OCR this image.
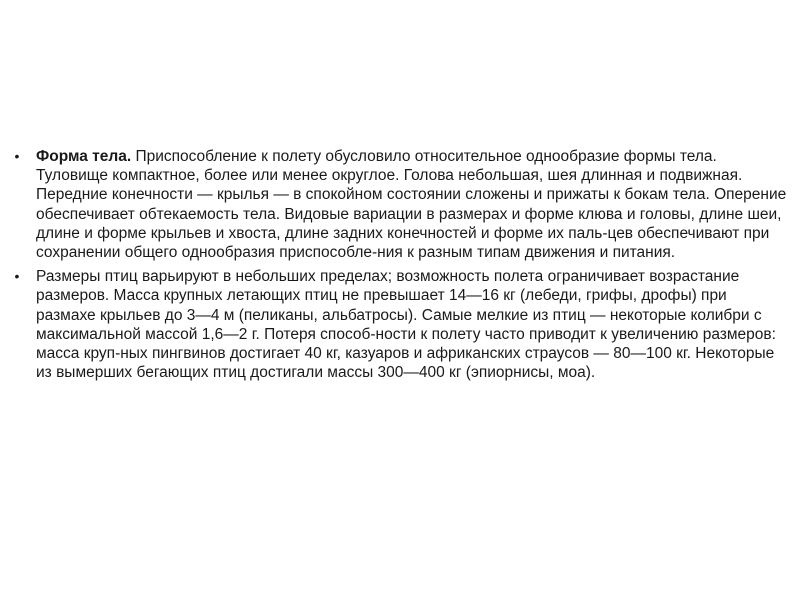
• Форма тела. Приспособление к полету обусловило относительное однообразие формы тела. Туловище компактное, более или менее округлое. Голова небольшая, шея длинная и подвижная. Передние конечности — крылья — в спокойном состоянии сложены и прижаты к бокам тела. Оперение обеспечивает обтекаемость тела. Видовые вариации в размерах и форме клюва и головы, длине шеи, длине и форме крыльев и хвоста, длине задних конечностей и форме их паль-цев обеспечивают при сохранении общего однообразия приспособле-ния к разным типам движения и питания.
• Размеры птиц варьируют в небольших пределах; возможность полета ограничивает возрастание размеров. Масса крупных летающих птиц не превышает 14—16 кг (лебеди, грифы, дрофы) при размахе крыльев до 3—4 м (пеликаны, альбатросы). Самые мелкие из птиц — некоторые колибри с максимальной массой 1,6—2 г. Потеря способ-ности к полету часто приводит к увеличению размеров: масса круп-ных пингвинов достигает 40 кг, казуаров и африканских страусов — 80—100 кг. Некоторые из вымерших бегающих птиц достигали массы 300—400 кг (эпиорнисы, моа).
